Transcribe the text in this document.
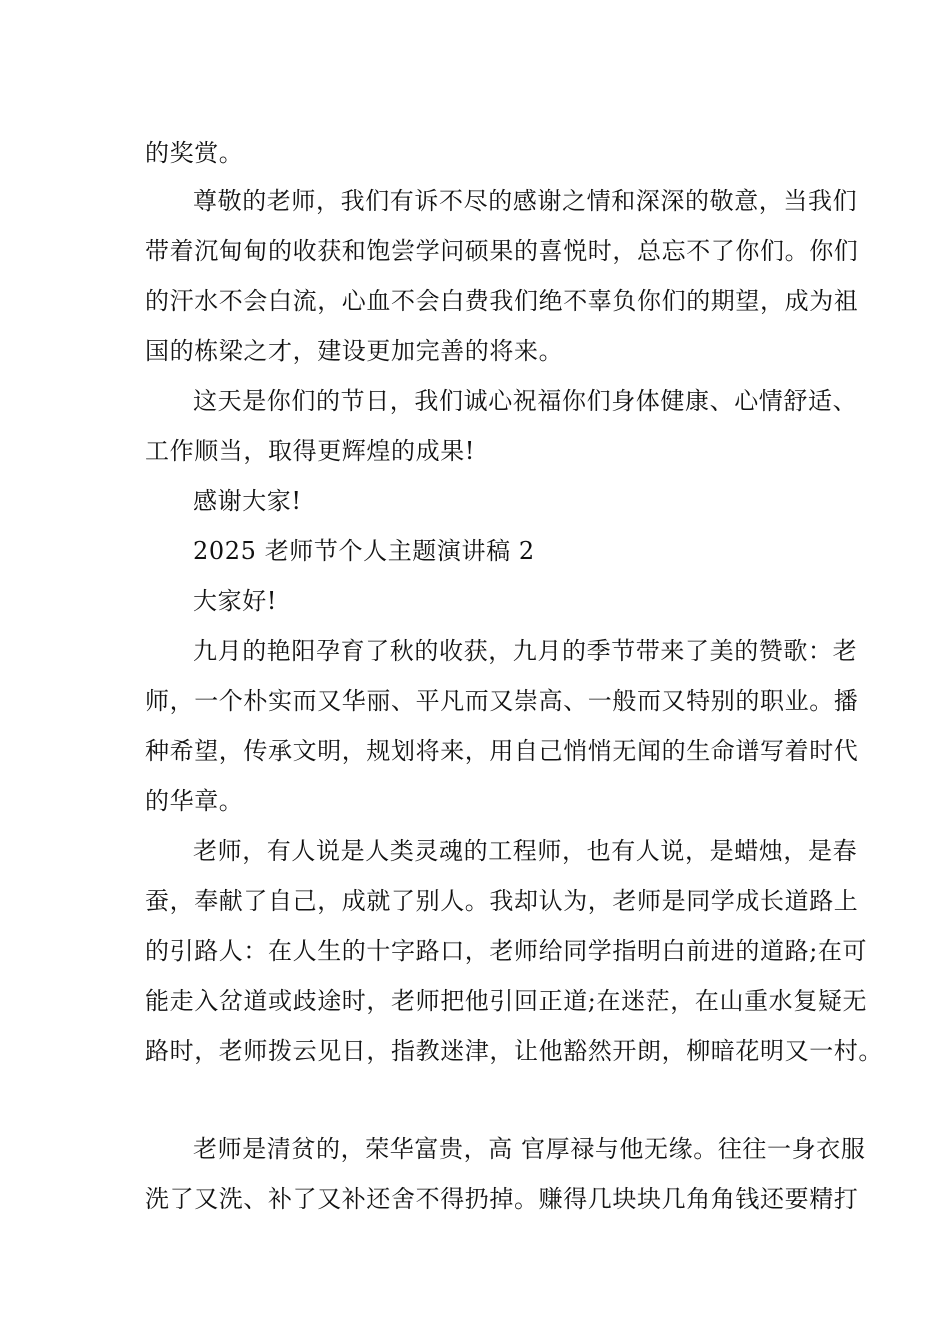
的奖赏。
尊敬的老师，我们有诉不尽的感谢之情和深深的敬意，当我们
带着沉甸甸的收获和饱尝学问硕果的喜悦时，总忘不了你们。你们
的汗水不会白流，心血不会白费我们绝不辜负你们的期望，成为祖
国的栋梁之才，建设更加完善的将来。
这天是你们的节日，我们诚心祝福你们身体健康、心情舒适、
工作顺当，取得更辉煌的成果!
感谢大家!
2025 老师节个人主题演讲稿 2
大家好!
九月的艳阳孕育了秋的收获，九月的季节带来了美的赞歌：老
师，一个朴实而又华丽、平凡而又崇高、一般而又特别的职业。播
种希望，传承文明，规划将来，用自己悄悄无闻的生命谱写着时代
的华章。
老师，有人说是人类灵魂的工程师，也有人说，是蜡烛，是春
蚕，奉献了自己，成就了别人。我却认为，老师是同学成长道路上
的引路人：在人生的十字路口，老师给同学指明白前进的道路;在可
能走入岔道或歧途时，老师把他引回正道;在迷茫，在山重水复疑无
路时，老师拨云见日，指教迷津，让他豁然开朗，柳暗花明又一村。
老师是清贫的，荣华富贵，高 官厚禄与他无缘。往往一身衣服
洗了又洗、补了又补还舍不得扔掉。赚得几块块几角角钱还要精打
